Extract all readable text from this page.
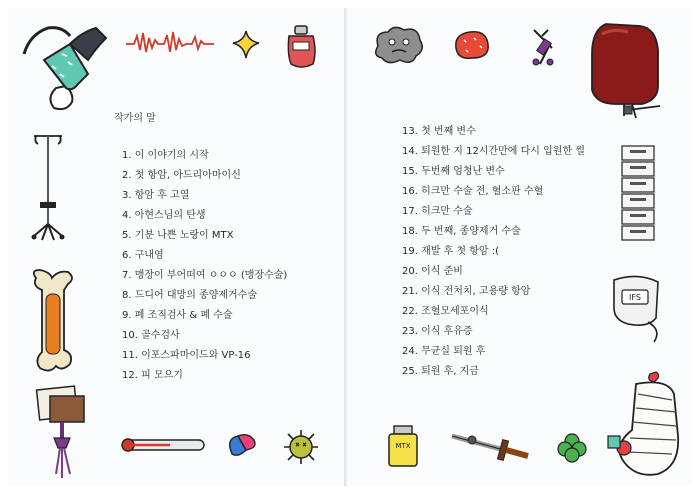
작가의 말
1. 이 이야기의 시작
2. 첫 항암, 아드리아마이신
3. 항암 후 고열
4. 아현스님의 탄생
5. 기분 나쁜 노랑이 MTX
6. 구내염
7. 맹장이 부어떠여 ㅇㅇㅇ (맹장수술)
8. 드디어 대망의 종양제거수술
9. 폐 조직검사 & 폐 수술
10. 골수검사
11. 이포스파마이드와 VP-16
12. 피 모으기
13. 첫 번째 변수
14. 퇴원한 지 12시간만에 다시 입원한 썰
15. 두번째 엄청난 변수
16. 히크만 수술 전, 혈소판 수혈
17. 히크만 수술
18. 두 번째, 종양제거 수술
19. 재발 후 첫 항암 :(
20. 이식 준비
21. 이식 전처치, 고용량 항암
22. 조혈모세포이식
23. 이식 후유증
24. 무균실 퇴원 후
25. 퇴원 후, 지금
IFS
MTX
